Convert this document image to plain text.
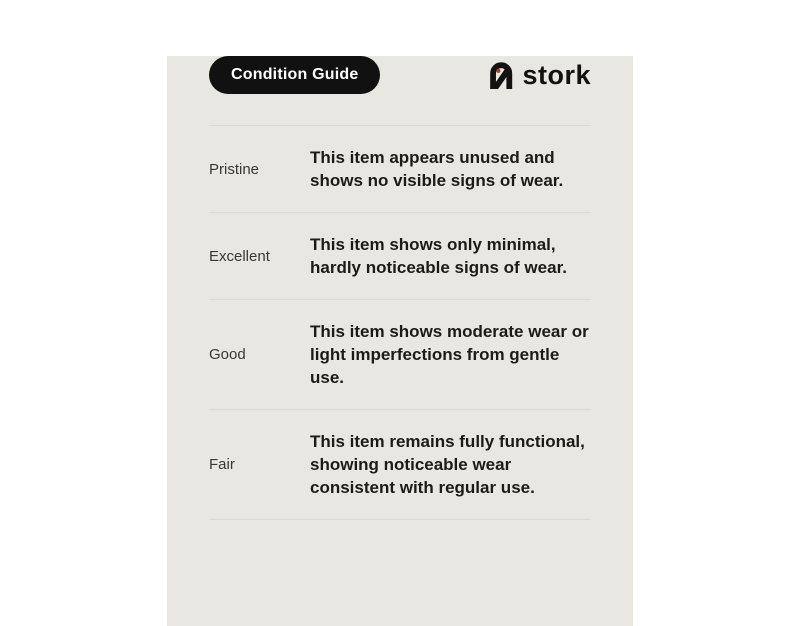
Condition Guide	stork
Pristine
This item appears unused and
shows no visible signs of wear.
Excellent
This item shows only minimal,
hardly noticeable signs of wear.
Good
This item shows moderate wear or
light imperfections from gentle
use.
Fair
This item remains fully functional,
showing noticeable wear
consistent with regular use.
